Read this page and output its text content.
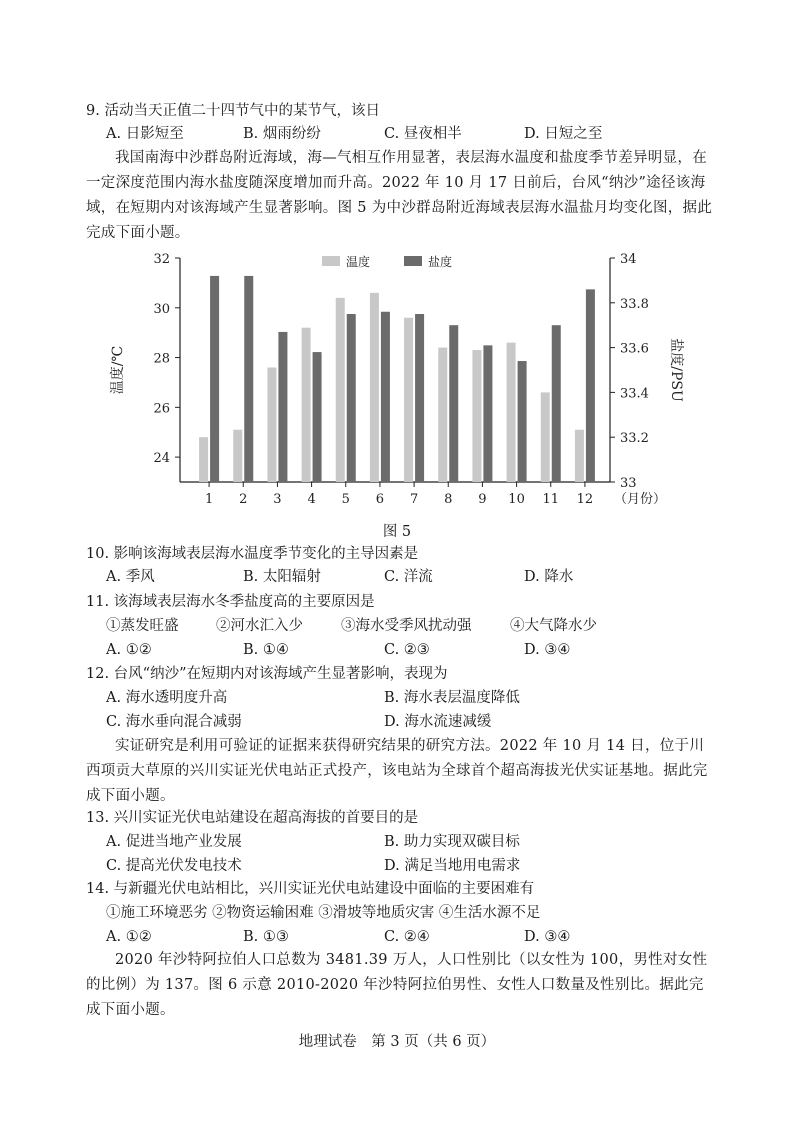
9. 活动当天正值二十四节气中的某节气，该日
A. 日影短至	B. 烟雨纷纷	C. 昼夜相半	D. 日短之至
我国南海中沙群岛附近海域，海—气相互作用显著，表层海水温度和盐度季节差异明显，在一定深度范围内海水盐度随深度增加而升高。2022 年 10 月 17 日前后，台风“纳沙”途径该海域，在短期内对该海域产生显著影响。图 5 为中沙群岛附近海域表层海水温盐月均变化图，据此完成下面小题。
24
26
28
30
32
33
33.2
33.4
33.6
33.8
34
1 2 3 4 5 6 7 8 9 10 11 12 （月份）
温度/℃	盐度/PSU
温度	盐度
图 5
10. 影响该海域表层海水温度季节变化的主导因素是
A. 季风	B. 太阳辐射	C. 洋流	D. 降水
11. 该海域表层海水冬季盐度高的主要原因是
①蒸发旺盛	②河水汇入少	③海水受季风扰动强	④大气降水少
A. ①②	B. ①④	C. ②③	D. ③④
12. 台风“纳沙”在短期内对该海域产生显著影响，表现为
A. 海水透明度升高	B. 海水表层温度降低
C. 海水垂向混合减弱	D. 海水流速减缓
实证研究是利用可验证的证据来获得研究结果的研究方法。2022 年 10 月 14 日，位于川西项贡大草原的兴川实证光伏电站正式投产，该电站为全球首个超高海拔光伏实证基地。据此完成下面小题。
13. 兴川实证光伏电站建设在超高海拔的首要目的是
A. 促进当地产业发展	B. 助力实现双碳目标
C. 提高光伏发电技术	D. 满足当地用电需求
14. 与新疆光伏电站相比，兴川实证光伏电站建设中面临的主要困难有
①施工环境恶劣 ②物资运输困难 ③滑坡等地质灾害 ④生活水源不足
A. ①②	B. ①③	C. ②④	D. ③④
2020 年沙特阿拉伯人口总数为 3481.39 万人，人口性别比（以女性为 100，男性对女性的比例）为 137。图 6 示意 2010-2020 年沙特阿拉伯男性、女性人口数量及性别比。据此完成下面小题。
地理试卷　第 3 页（共 6 页）
